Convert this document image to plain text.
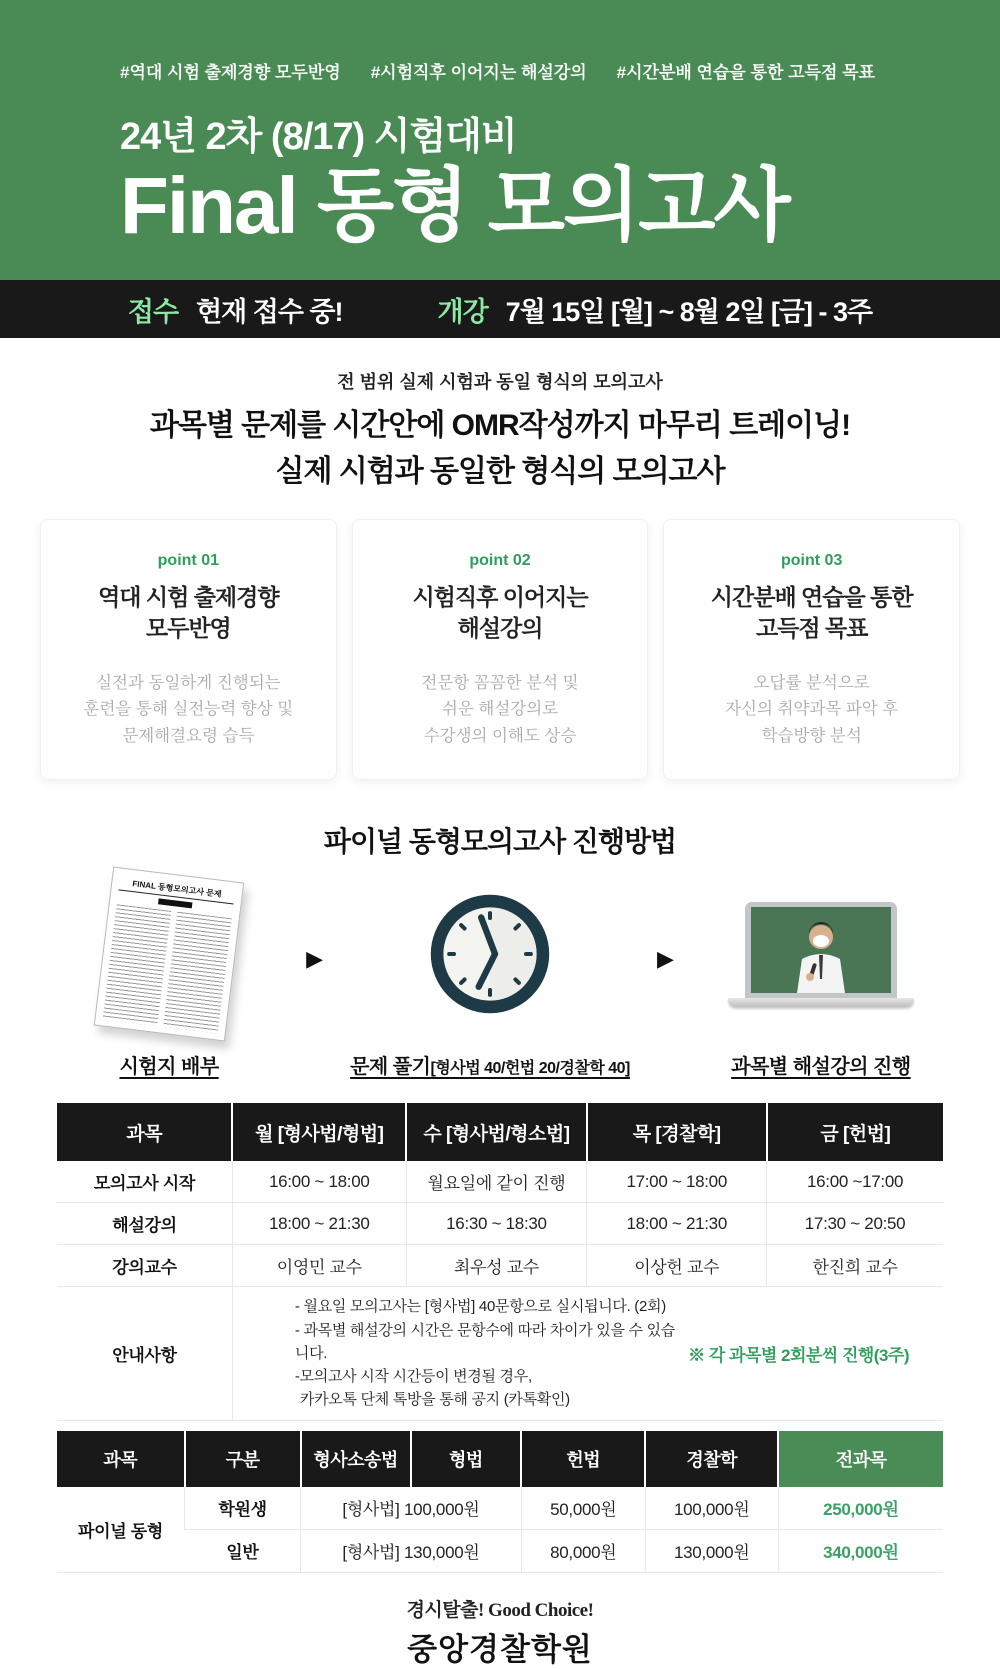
#역대 시험 출제경향 모두반영 #시험직후 이어지는 해설강의 #시간분배 연습을 통한 고득점 목표
24년 2차 (8/17) 시험대비
Final 동형 모의고사
접수 현재 접수 중!	개강 7월 15일 [월] ~ 8월 2일 [금] - 3주
전 범위 실제 시험과 동일 형식의 모의고사
과목별 문제를 시간안에 OMR작성까지 마무리 트레이닝!
실제 시험과 동일한 형식의 모의고사
point 01
역대 시험 출제경향
모두반영
실전과 동일하게 진행되는
훈련을 통해 실전능력 향상 및
문제해결요령 습득
point 02
시험직후 이어지는
해설강의
전문항 꼼꼼한 분석 및
쉬운 해설강의로
수강생의 이해도 상승
point 03
시간분배 연습을 통한
고득점 목표
오답률 분석으로
자신의 취약과목 파악 후
학습방향 분석
파이널 동형모의고사 진행방법
FINAL 동형모의고사 문제
시험지 배부
▶
문제 풀기[형사법 40/헌법 20/경찰학 40]
▶
과목별 해설강의 진행
과목	월 [형사법/형법]	수 [형사법/형소법]	목 [경찰학]	금 [헌법]
모의고사 시작	16:00 ~ 18:00	월요일에 같이 진행	17:00 ~ 18:00	16:00 ~17:00
해설강의	18:00 ~ 21:30	16:30 ~ 18:30	18:00 ~ 21:30	17:30 ~ 20:50
강의교수	이영민 교수	최우성 교수	이상헌 교수	한진희 교수
안내사항	- 월요일 모의고사는 [형사법] 40문항으로 실시됩니다. (2회)
- 과목별 해설강의 시간은 문항수에 따라 차이가 있을 수 있습니다.
-모의고사 시작 시간등이 변경될 경우,
카카오톡 단체 톡방을 통해 공지 (카톡확인)
※ 각 과목별 2회분씩 진행(3주)			
과목	구분	형사소송법	형법	헌법	경찰학	전과목
파이널 동형	학원생	[형사법] 100,000원		50,000원	100,000원	250,000원
	일반	[형사법] 130,000원		80,000원	130,000원	340,000원
경시탈출! Good Choice!
중앙경찰학원
